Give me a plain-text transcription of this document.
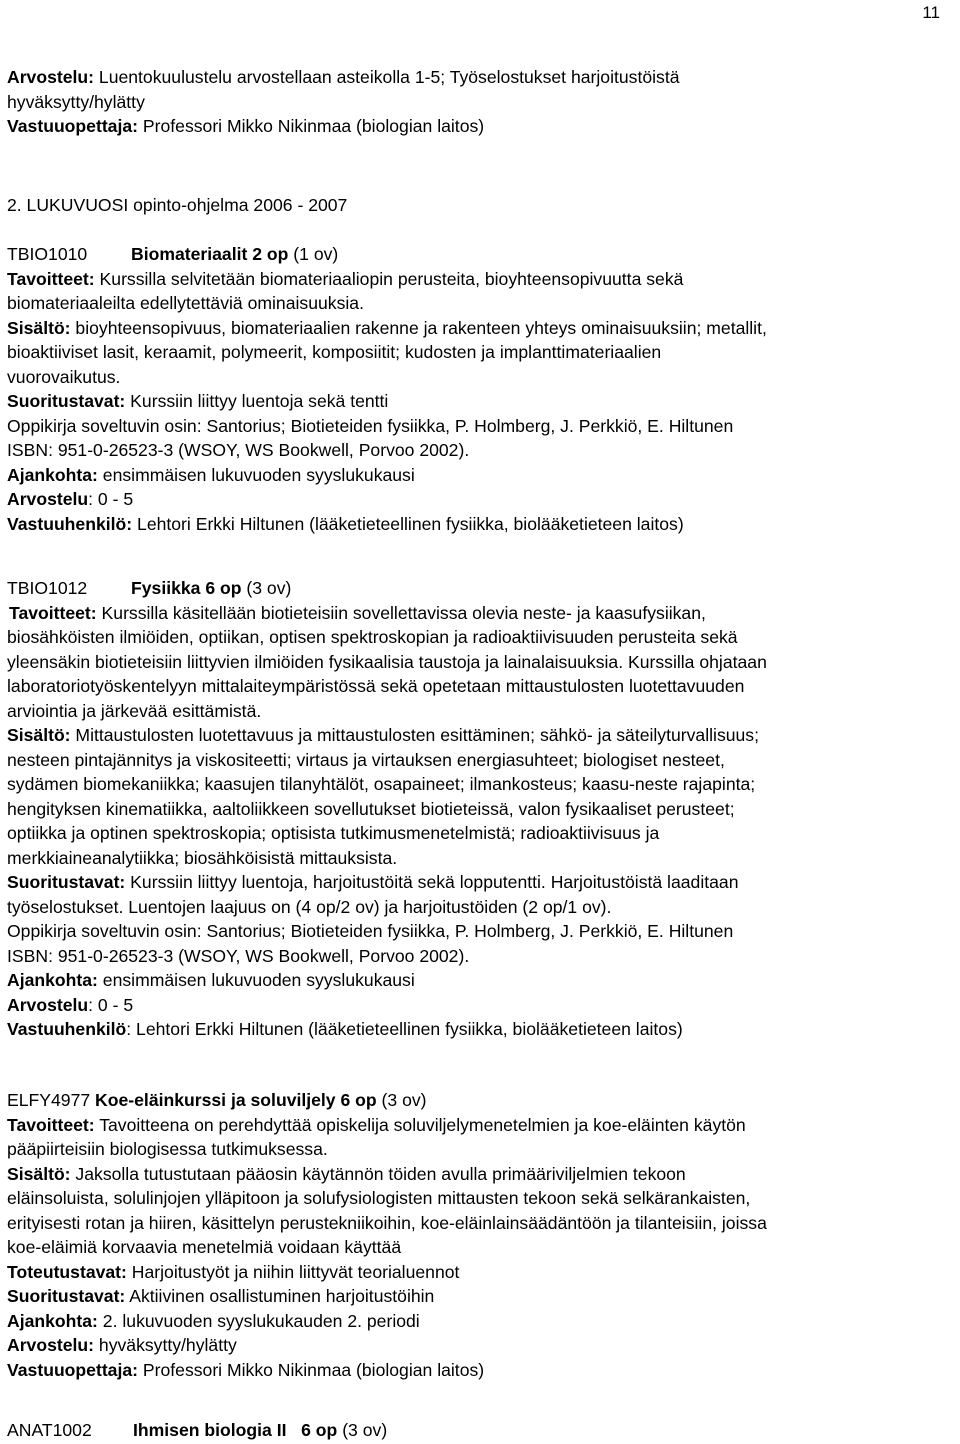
11
Arvostelu: Luentokuulustelu arvostellaan asteikolla 1-5; Työselostukset harjoitustöistä
hyväksytty/hylätty
Vastuuopettaja: Professori Mikko Nikinmaa (biologian laitos)
2. LUKUVUOSI opinto-ohjelma 2006 - 2007
TBIO1010 Biomateriaalit 2 op (1 ov)
Tavoitteet: Kurssilla selvitetään biomateriaaliopin perusteita, bioyhteensopivuutta sekä
biomateriaaleilta edellytettäviä ominaisuuksia.
Sisältö: bioyhteensopivuus, biomateriaalien rakenne ja rakenteen yhteys ominaisuuksiin; metallit,
bioaktiiviset lasit, keraamit, polymeerit, komposiitit; kudosten ja implanttimateriaalien
vuorovaikutus.
Suoritustavat: Kurssiin liittyy luentoja sekä tentti
Oppikirja soveltuvin osin: Santorius; Biotieteiden fysiikka, P. Holmberg, J. Perkkiö, E. Hiltunen
ISBN: 951-0-26523-3 (WSOY, WS Bookwell, Porvoo 2002).
Ajankohta: ensimmäisen lukuvuoden syyslukukausi
Arvostelu: 0 - 5
Vastuuhenkilö: Lehtori Erkki Hiltunen (lääketieteellinen fysiikka, biolääketieteen laitos)
TBIO1012 Fysiikka 6 op (3 ov)
Tavoitteet: Kurssilla käsitellään biotieteisiin sovellettavissa olevia neste- ja kaasufysiikan,
biosähköisten ilmiöiden, optiikan, optisen spektroskopian ja radioaktiivisuuden perusteita sekä
yleensäkin biotieteisiin liittyvien ilmiöiden fysikaalisia taustoja ja lainalaisuuksia. Kurssilla ohjataan
laboratoriotyöskentelyyn mittalaiteympäristössä sekä opetetaan mittaustulosten luotettavuuden
arviointia ja järkevää esittämistä.
Sisältö: Mittaustulosten luotettavuus ja mittaustulosten esittäminen; sähkö- ja säteilyturvallisuus;
nesteen pintajännitys ja viskositeetti; virtaus ja virtauksen energiasuhteet; biologiset nesteet,
sydämen biomekaniikka; kaasujen tilanyhtälöt, osapaineet; ilmankosteus; kaasu-neste rajapinta;
hengityksen kinematiikka, aaltoliikkeen sovellutukset biotieteissä, valon fysikaaliset perusteet;
optiikka ja optinen spektroskopia; optisista tutkimusmenetelmistä; radioaktiivisuus ja
merkkiaineanalytiikka; biosähköisistä mittauksista.
Suoritustavat: Kurssiin liittyy luentoja, harjoitustöitä sekä lopputentti. Harjoitustöistä laaditaan
työselostukset. Luentojen laajuus on (4 op/2 ov) ja harjoitustöiden (2 op/1 ov).
Oppikirja soveltuvin osin: Santorius; Biotieteiden fysiikka, P. Holmberg, J. Perkkiö, E. Hiltunen
ISBN: 951-0-26523-3 (WSOY, WS Bookwell, Porvoo 2002).
Ajankohta: ensimmäisen lukuvuoden syyslukukausi
Arvostelu: 0 - 5
Vastuuhenkilö: Lehtori Erkki Hiltunen (lääketieteellinen fysiikka, biolääketieteen laitos)
ELFY4977 Koe-eläinkurssi ja soluviljely 6 op (3 ov)
Tavoitteet: Tavoitteena on perehdyttää opiskelija soluviljelymenetelmien ja koe-eläinten käytön
pääpiirteisiin biologisessa tutkimuksessa.
Sisältö: Jaksolla tutustutaan pääosin käytännön töiden avulla primääriviljelmien tekoon
eläinsoluista, solulinjojen ylläpitoon ja solufysiologisten mittausten tekoon sekä selkärankaisten,
erityisesti rotan ja hiiren, käsittelyn perustekniikoihin, koe-eläinlainsäädäntöön ja tilanteisiin, joissa
koe-eläimiä korvaavia menetelmiä voidaan käyttää
Toteutustavat: Harjoitustyöt ja niihin liittyvät teorialuennot
Suoritustavat: Aktiivinen osallistuminen harjoitustöihin
Ajankohta: 2. lukuvuoden syyslukukauden 2. periodi
Arvostelu: hyväksytty/hylätty
Vastuuopettaja: Professori Mikko Nikinmaa (biologian laitos)
ANAT1002 Ihmisen biologia II   6 op (3 ov)
